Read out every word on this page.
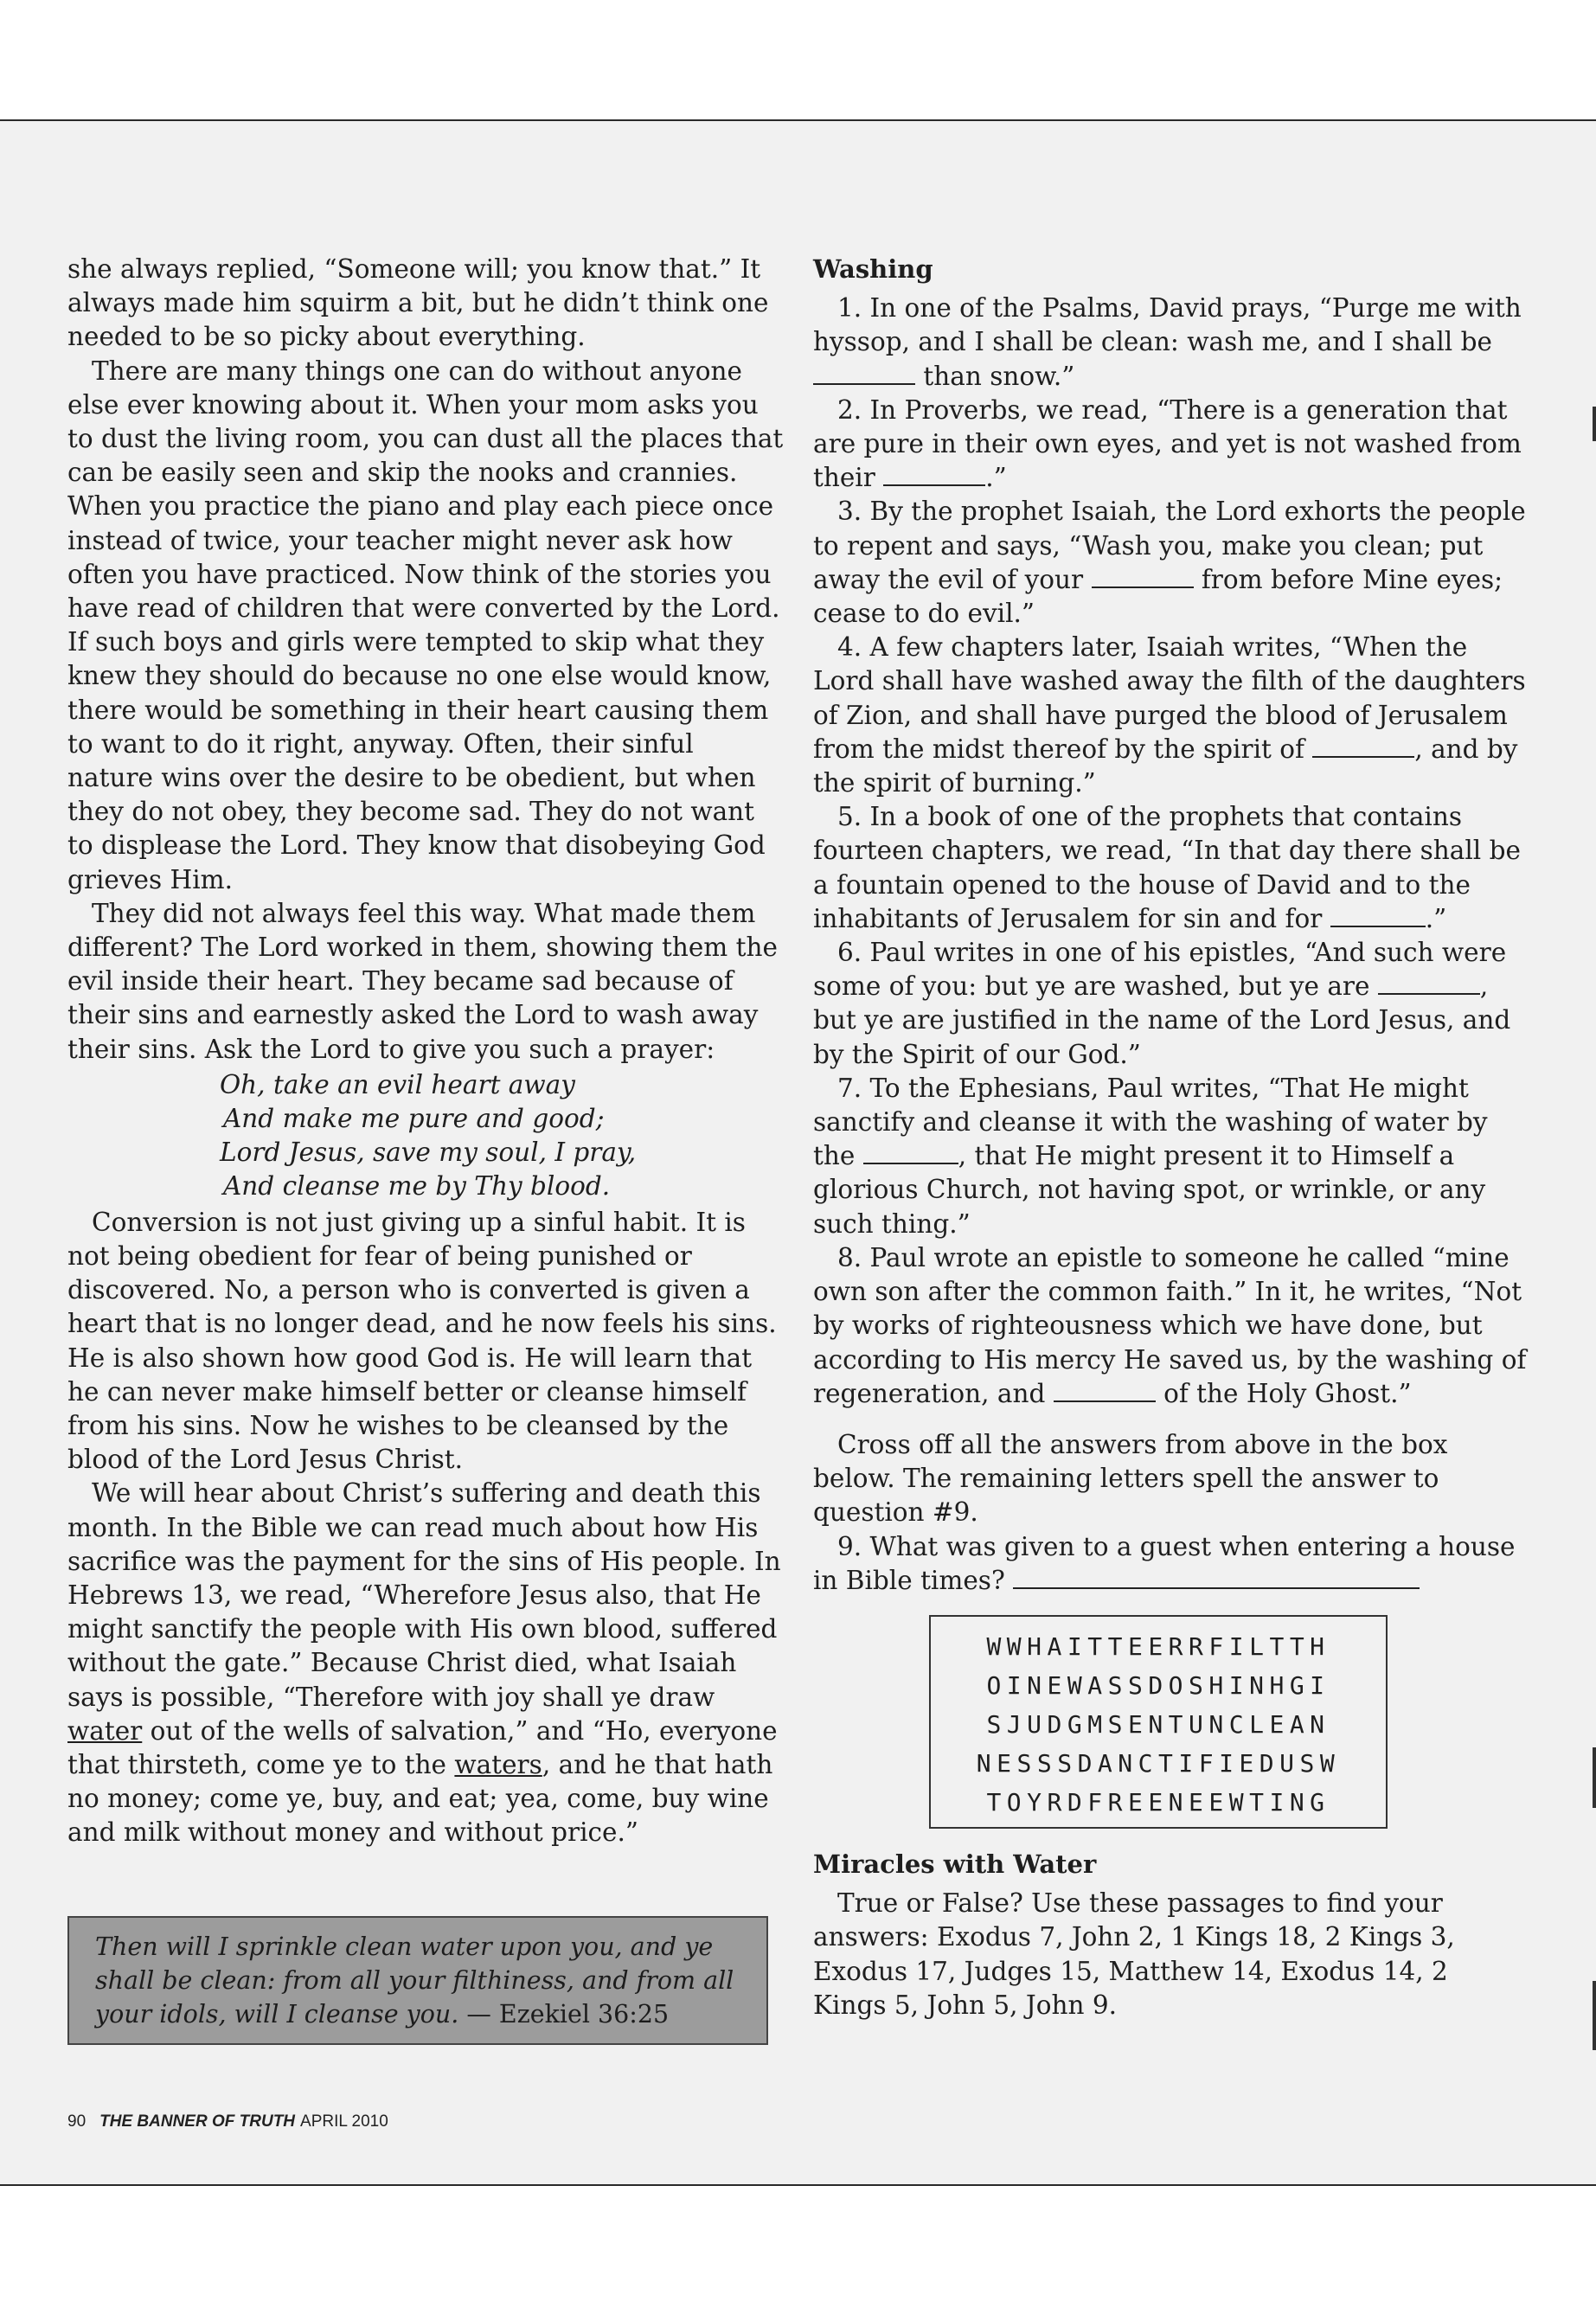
she always replied, “Someone will; you know that.” It always made him squirm a bit, but he didn’t think one needed to be so picky about everything.

There are many things one can do without anyone else ever knowing about it. When your mom asks you to dust the living room, you can dust all the places that can be easily seen and skip the nooks and crannies. When you practice the piano and play each piece once instead of twice, your teacher might never ask how often you have practiced. Now think of the stories you have read of children that were converted by the Lord. If such boys and girls were tempted to skip what they knew they should do because no one else would know, there would be something in their heart causing them to want to do it right, anyway. Often, their sinful nature wins over the desire to be obedient, but when they do not obey, they become sad. They do not want to displease the Lord. They know that disobeying God grieves Him.

They did not always feel this way. What made them different? The Lord worked in them, showing them the evil inside their heart. They became sad because of their sins and earnestly asked the Lord to wash away their sins. Ask the Lord to give you such a prayer:

Oh, take an evil heart away
And make me pure and good;
Lord Jesus, save my soul, I pray,
And cleanse me by Thy blood.

Conversion is not just giving up a sinful habit. It is not being obedient for fear of being punished or discovered. No, a person who is converted is given a heart that is no longer dead, and he now feels his sins. He is also shown how good God is. He will learn that he can never make himself better or cleanse himself from his sins. Now he wishes to be cleansed by the blood of the Lord Jesus Christ.

We will hear about Christ’s suffering and death this month. In the Bible we can read much about how His sacrifice was the payment for the sins of His people. In Hebrews 13, we read, “Wherefore Jesus also, that He might sanctify the people with His own blood, suffered without the gate.” Because Christ died, what Isaiah says is possible, “Therefore with joy shall ye draw water out of the wells of salvation,” and “Ho, everyone that thirsteth, come ye to the waters, and he that hath no money; come ye, buy, and eat; yea, come, buy wine and milk without money and without price.”

Then will I sprinkle clean water upon you, and ye shall be clean: from all your filthiness, and from all your idols, will I cleanse you. — Ezekiel 36:25

Washing

1. In one of the Psalms, David prays, “Purge me with hyssop, and I shall be clean: wash me, and I shall be  than snow.”

2. In Proverbs, we read, “There is a generation that are pure in their own eyes, and yet is not washed from their	.”

3. By the prophet Isaiah, the Lord exhorts the people to repent and says, “Wash you, make you clean; put away the evil of your	from before Mine eyes; cease to do evil.”

4. A few chapters later, Isaiah writes, “When the Lord shall have washed away the filth of the daughters of Zion, and shall have purged the blood of Jerusalem from the midst thereof by the spirit of	, and by the spirit of burning.”

5. In a book of one of the prophets that contains fourteen chapters, we read, “In that day there shall be a fountain opened to the house of David and to the inhabitants of Jerusalem for sin and for	.”

6. Paul writes in one of his epistles, “And such were some of you: but ye are washed, but ye are	, but ye are justified in the name of the Lord Jesus, and by the Spirit of our God.”

7. To the Ephesians, Paul writes, “That He might sanctify and cleanse it with the washing of water by the	, that He might present it to Himself a glorious Church, not having spot, or wrinkle, or any such thing.”

8. Paul wrote an epistle to someone he called “mine own son after the common faith.” In it, he writes, “Not by works of righteousness which we have done, but according to His mercy He saved us, by the washing of regeneration, and	of the Holy Ghost.”

Cross off all the answers from above in the box below. The remaining letters spell the answer to question #9.

9. What was given to a guest when entering a house in Bible times?

WWHAITTEERRFILTTH
OINEWASSDOSHINHGI
SJUDGMSENTUNCLEAN
NESSSDANCTIFIEDUSW
TOYRDFREENEEWTING

Miracles with Water

True or False? Use these passages to find your answers: Exodus 7, John 2, 1 Kings 18, 2 Kings 3, Exodus 17, Judges 15, Matthew 14, Exodus 14, 2 Kings 5, John 5, John 9.

90 THE BANNER OF TRUTH APRIL 2010
